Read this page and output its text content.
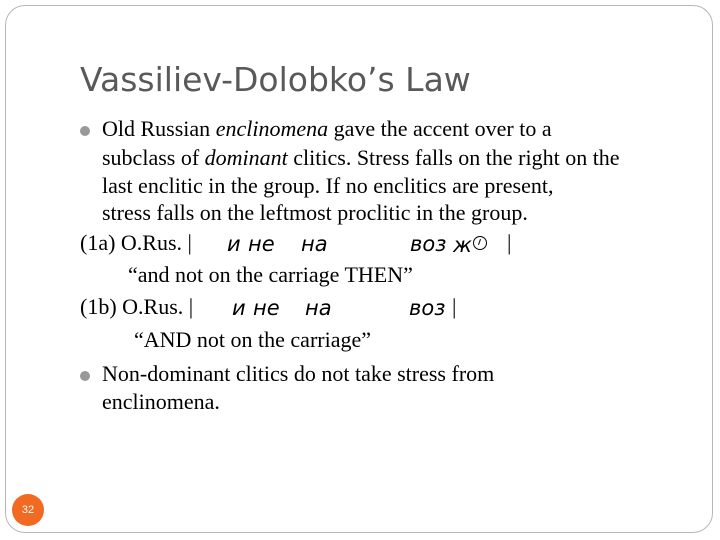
Vassiliev-Dolobko’s Law
Old Russian enclinomena gave the accent over to a
subclass of dominant clitics. Stress falls on the right on the
last enclitic in the group. If no enclitics are present,
stress falls on the leftmost proclitic in the group.
(1a) O.Rus. | и не на	воз ж	|
“and not on the carriage THEN”
(1b) O.Rus. | и не на	воз |
“AND not on the carriage”
Non-dominant clitics do not take stress from
enclinomena.
32
